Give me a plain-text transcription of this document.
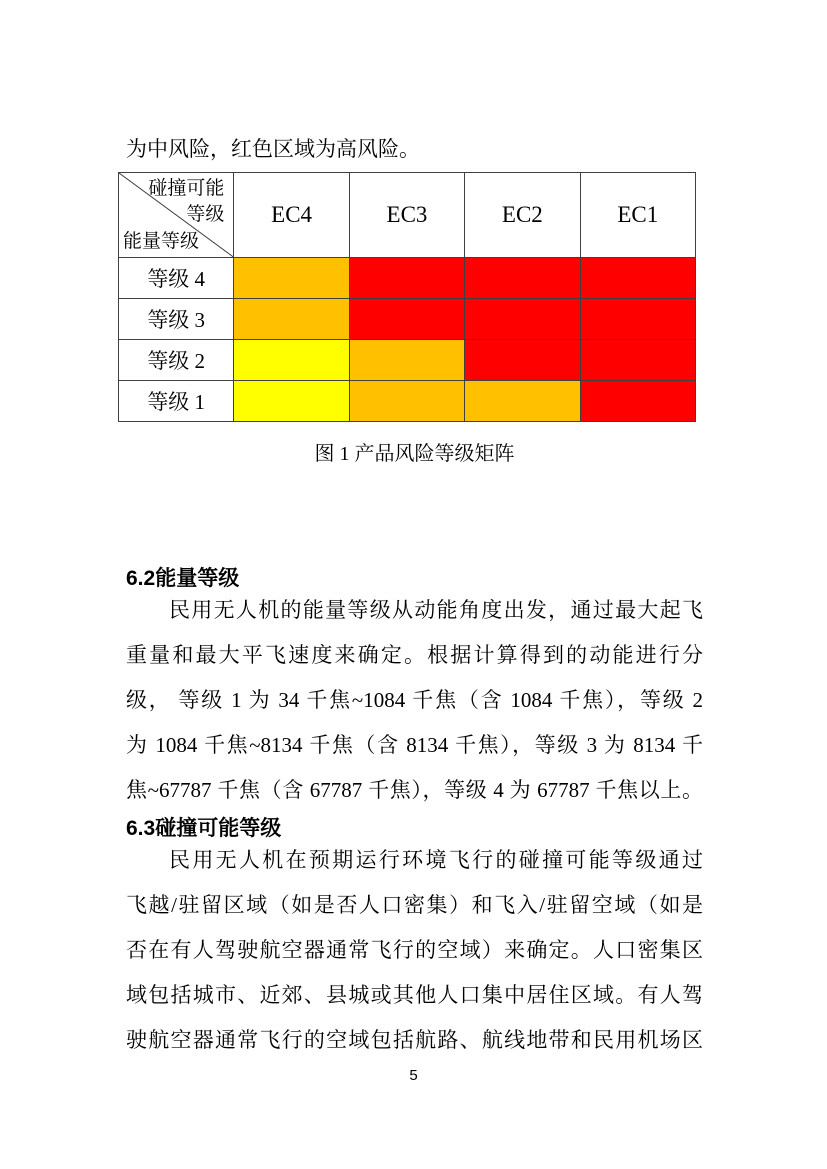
为中风险，红色区域为高风险。
碰撞可能
等级
能量等级	EC4	EC3	EC2	EC1
等级 4				
等级 3				
等级 2				
等级 1				
图 1 产品风险等级矩阵
6.2能量等级
民用无人机的能量等级从动能角度出发，通过最大起飞
重量和最大平飞速度来确定。根据计算得到的动能进行分
级， 等级 1 为 34 千焦~1084 千焦（含 1084 千焦），等级 2
为 1084 千焦~8134 千焦（含 8134 千焦），等级 3 为 8134 千
焦~67787 千焦（含 67787 千焦），等级 4 为 67787 千焦以上。
6.3碰撞可能等级
民用无人机在预期运行环境飞行的碰撞可能等级通过
飞越/驻留区域（如是否人口密集）和飞入/驻留空域（如是
否在有人驾驶航空器通常飞行的空域）来确定。人口密集区
域包括城市、近郊、县城或其他人口集中居住区域。有人驾
驶航空器通常飞行的空域包括航路、航线地带和民用机场区
5
